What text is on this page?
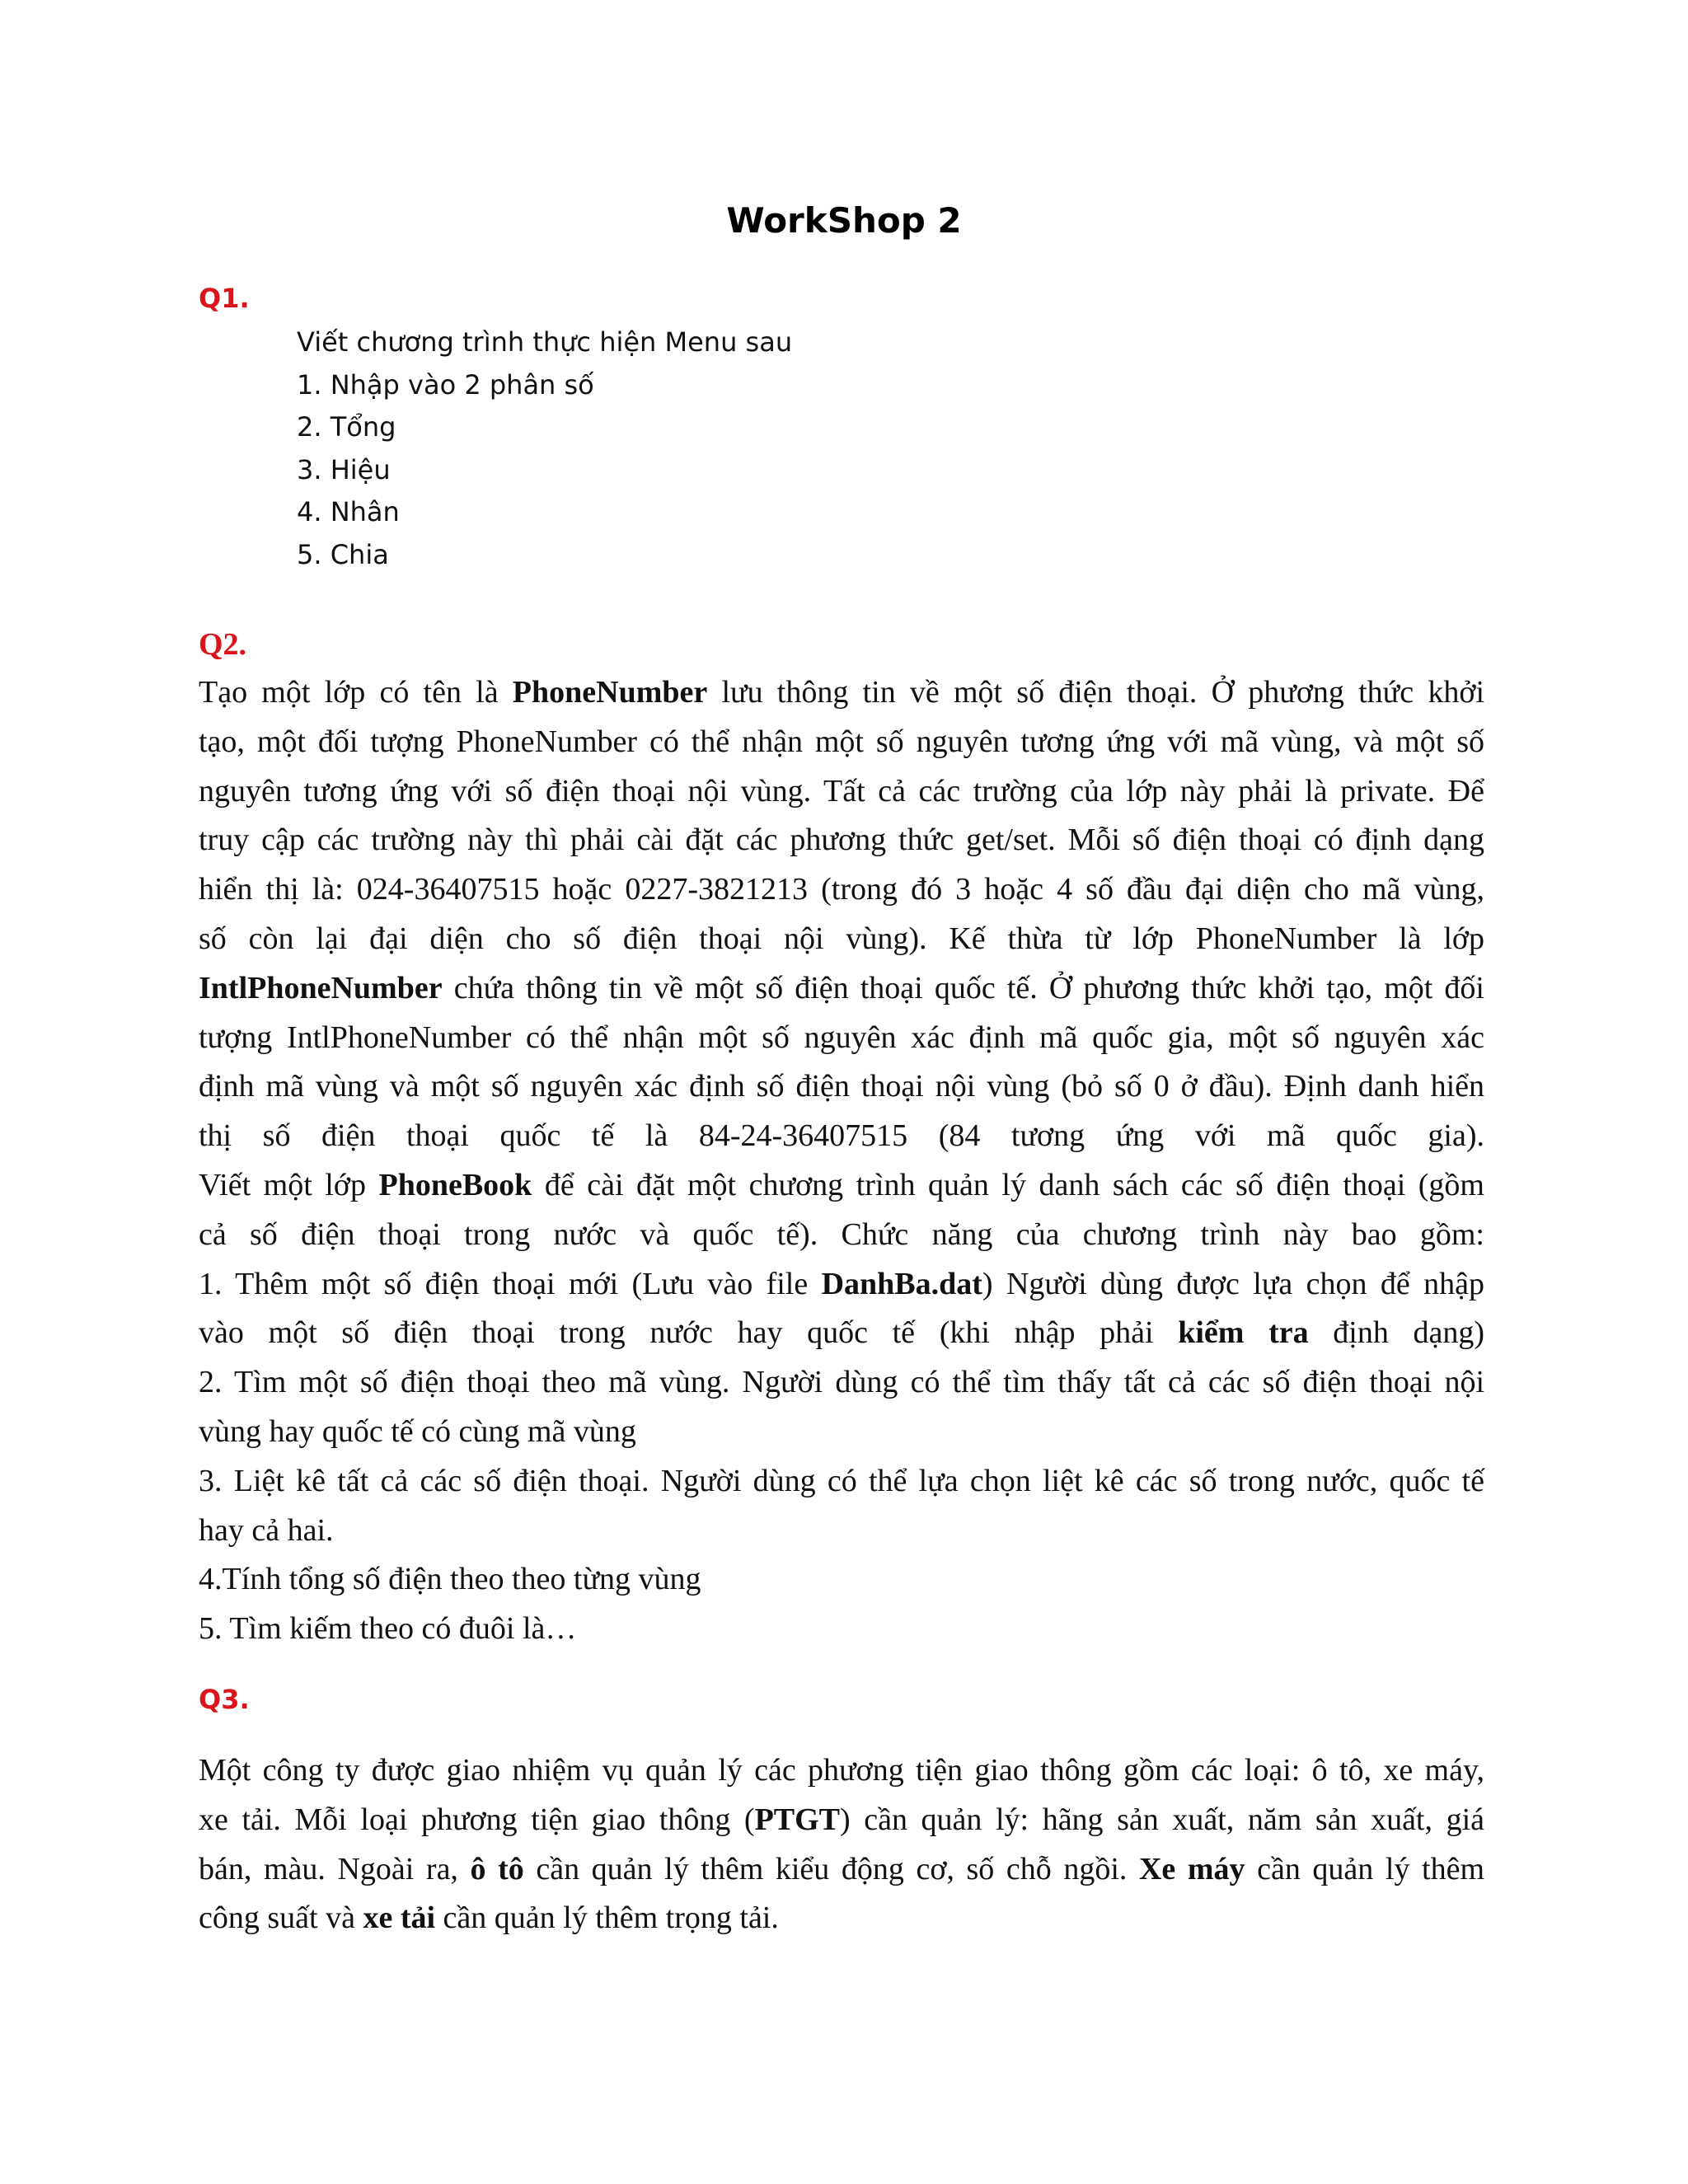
WorkShop 2
Q1.
Viết chương trình thực hiện Menu sau
1. Nhập vào 2 phân số
2. Tổng
3. Hiệu
4. Nhân
5. Chia
Q2.
Tạo một lớp có tên là PhoneNumber lưu thông tin về một số điện thoại. Ở phương thức khởi
tạo, một đối tượng PhoneNumber có thể nhận một số nguyên tương ứng với mã vùng, và một số
nguyên tương ứng với số điện thoại nội vùng. Tất cả các trường của lớp này phải là private. Để
truy cập các trường này thì phải cài đặt các phương thức get/set. Mỗi số điện thoại có định dạng
hiển thị là: 024-36407515 hoặc 0227-3821213 (trong đó 3 hoặc 4 số đầu đại diện cho mã vùng,
số còn lại đại diện cho số điện thoại nội vùng). Kế thừa từ lớp PhoneNumber là lớp
IntlPhoneNumber chứa thông tin về một số điện thoại quốc tế. Ở phương thức khởi tạo, một đối
tượng IntlPhoneNumber có thể nhận một số nguyên xác định mã quốc gia, một số nguyên xác
định mã vùng và một số nguyên xác định số điện thoại nội vùng (bỏ số 0 ở đầu). Định danh hiển
thị số điện thoại quốc tế là 84-24-36407515 (84 tương ứng với mã quốc gia).
Viết một lớp PhoneBook để cài đặt một chương trình quản lý danh sách các số điện thoại (gồm
cả số điện thoại trong nước và quốc tế). Chức năng của chương trình này bao gồm:
1. Thêm một số điện thoại mới (Lưu vào file DanhBa.dat) Người dùng được lựa chọn để nhập
vào một số điện thoại trong nước hay quốc tế (khi nhập phải kiểm tra định dạng)
2. Tìm một số điện thoại theo mã vùng. Người dùng có thể tìm thấy tất cả các số điện thoại nội
vùng hay quốc tế có cùng mã vùng
3. Liệt kê tất cả các số điện thoại. Người dùng có thể lựa chọn liệt kê các số trong nước, quốc tế
hay cả hai.
4.Tính tổng số điện theo theo từng vùng
5. Tìm kiếm theo có đuôi là…
Q3.
Một công ty được giao nhiệm vụ quản lý các phương tiện giao thông gồm các loại: ô tô, xe máy,
xe tải. Mỗi loại phương tiện giao thông (PTGT) cần quản lý: hãng sản xuất, năm sản xuất, giá
bán, màu. Ngoài ra, ô tô cần quản lý thêm kiểu động cơ, số chỗ ngồi. Xe máy cần quản lý thêm
công suất và xe tải cần quản lý thêm trọng tải.
